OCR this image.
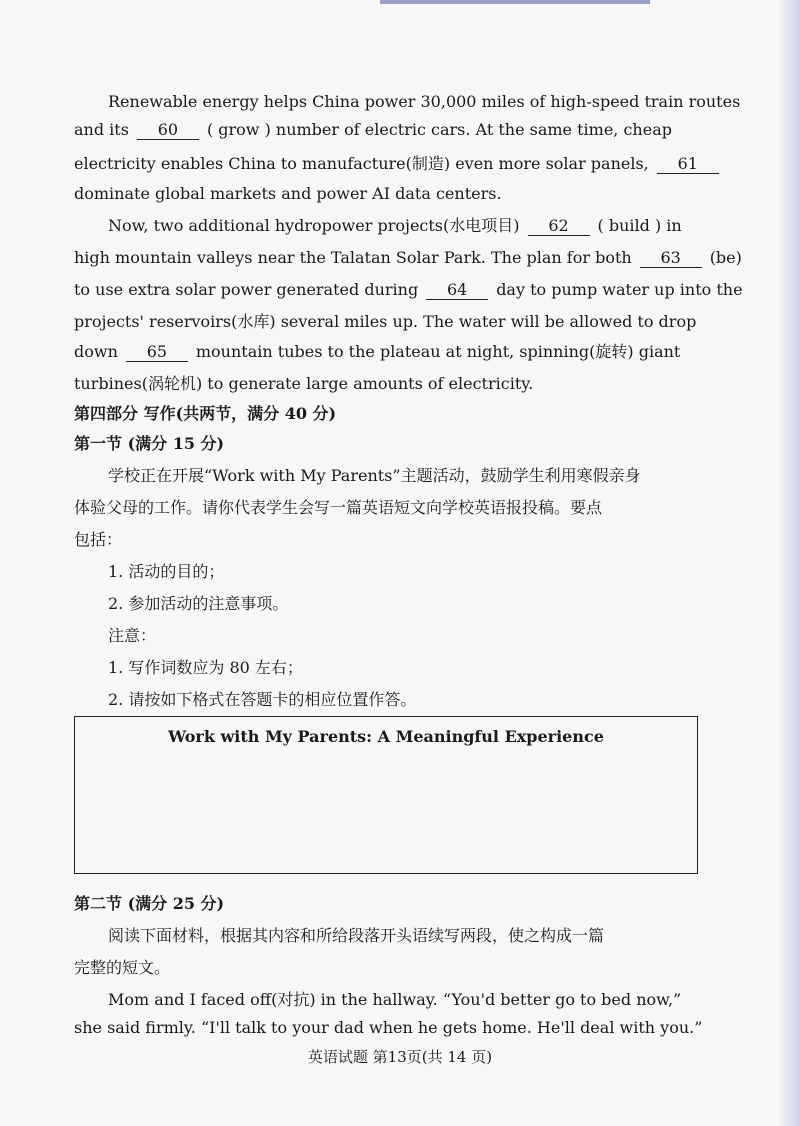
Renewable energy helps China power 30,000 miles of high-speed train routes
and its 60 ( grow ) number of electric cars. At the same time, cheap
electricity enables China to manufacture(制造) even more solar panels, 61
dominate global markets and power AI data centers.
Now, two additional hydropower projects(水电项目) 62 ( build ) in
high mountain valleys near the Talatan Solar Park. The plan for both 63 (be)
to use extra solar power generated during 64 day to pump water up into the
projects' reservoirs(水库) several miles up. The water will be allowed to drop
down 65 mountain tubes to the plateau at night, spinning(旋转) giant
turbines(涡轮机) to generate large amounts of electricity.
第四部分 写作(共两节，满分 40 分)
第一节 (满分 15 分)
学校正在开展“Work with My Parents”主题活动，鼓励学生利用寒假亲身
体验父母的工作。请你代表学生会写一篇英语短文向学校英语报投稿。要点
包括：
1. 活动的目的；
2. 参加活动的注意事项。
注意：
1. 写作词数应为 80 左右；
2. 请按如下格式在答题卡的相应位置作答。
Work with My Parents: A Meaningful Experience
第二节 (满分 25 分)
阅读下面材料，根据其内容和所给段落开头语续写两段，使之构成一篇
完整的短文。
Mom and I faced off(对抗) in the hallway. “You'd better go to bed now,”
she said firmly. “I'll talk to your dad when he gets home. He'll deal with you.”
英语试题 第13页(共 14 页)
